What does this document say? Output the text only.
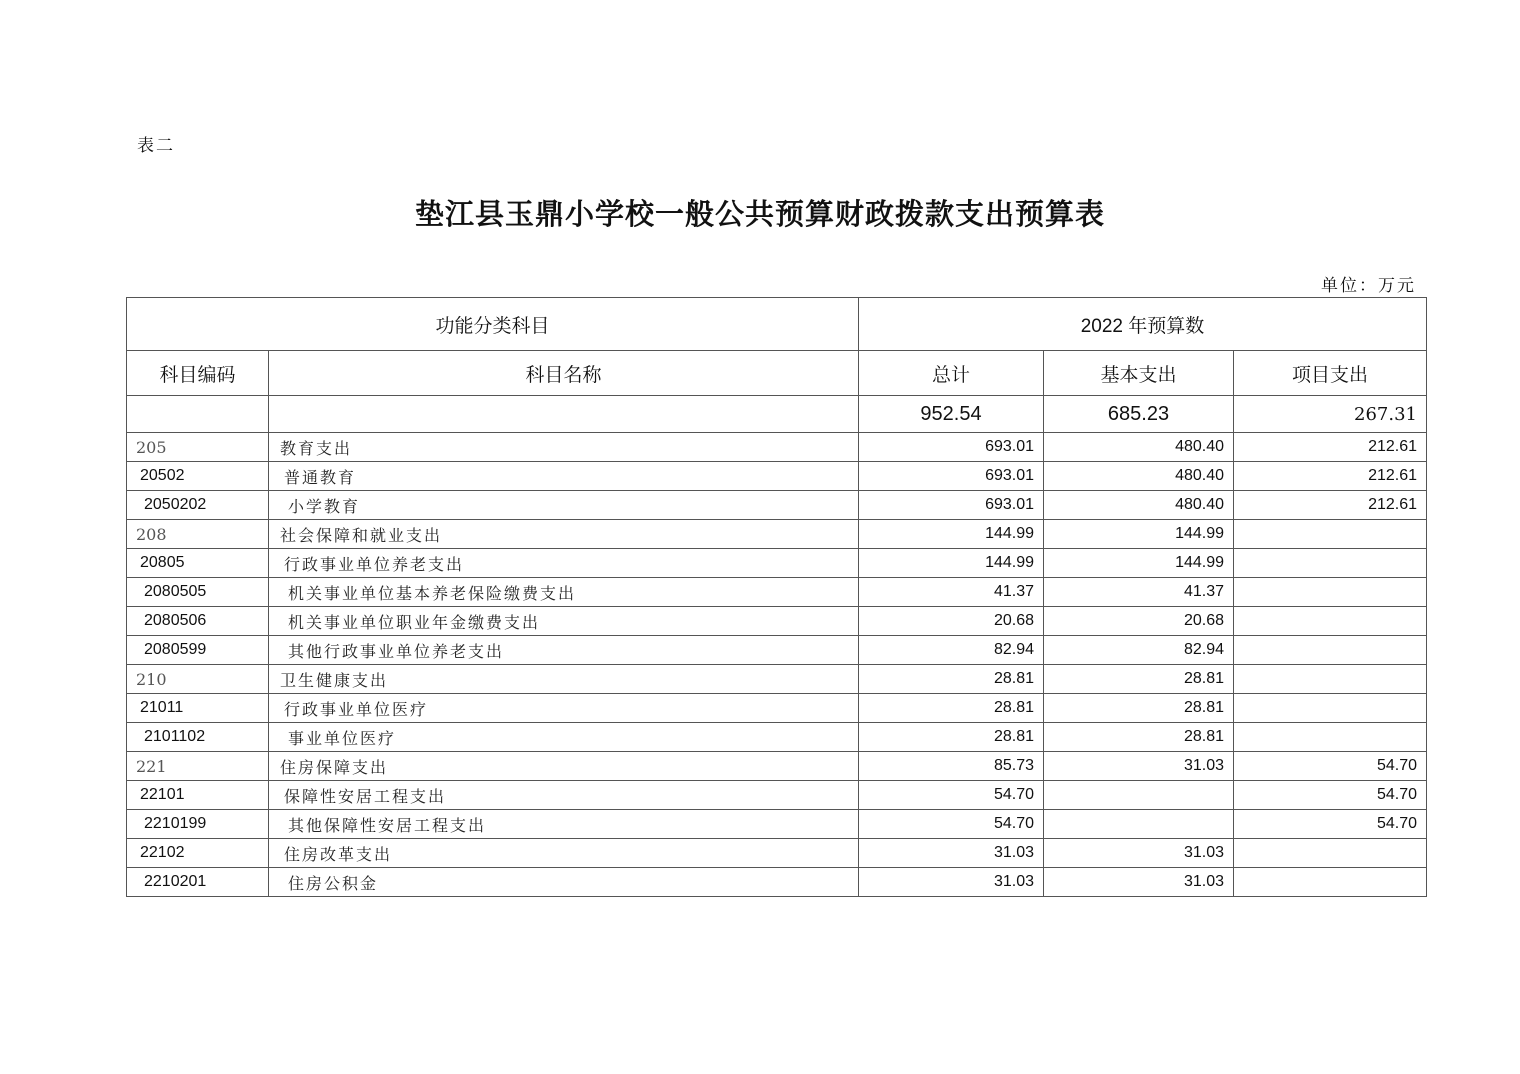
表二
垫江县玉鼎小学校一般公共预算财政拨款支出预算表
单位：万元
功能分类科目		2022 年预算数		
科目编码	科目名称	总计	基本支出	项目支出
		952.54	685.23	267.31
205	教育支出	693.01	480.40	212.61
20502	普通教育	693.01	480.40	212.61
2050202	小学教育	693.01	480.40	212.61
208	社会保障和就业支出	144.99	144.99	
20805	行政事业单位养老支出	144.99	144.99	
2080505	机关事业单位基本养老保险缴费支出	41.37	41.37	
2080506	机关事业单位职业年金缴费支出	20.68	20.68	
2080599	其他行政事业单位养老支出	82.94	82.94	
210	卫生健康支出	28.81	28.81	
21011	行政事业单位医疗	28.81	28.81	
2101102	事业单位医疗	28.81	28.81	
221	住房保障支出	85.73	31.03	54.70
22101	保障性安居工程支出	54.70		54.70
2210199	其他保障性安居工程支出	54.70		54.70
22102	住房改革支出	31.03	31.03	
2210201	住房公积金	31.03	31.03	
